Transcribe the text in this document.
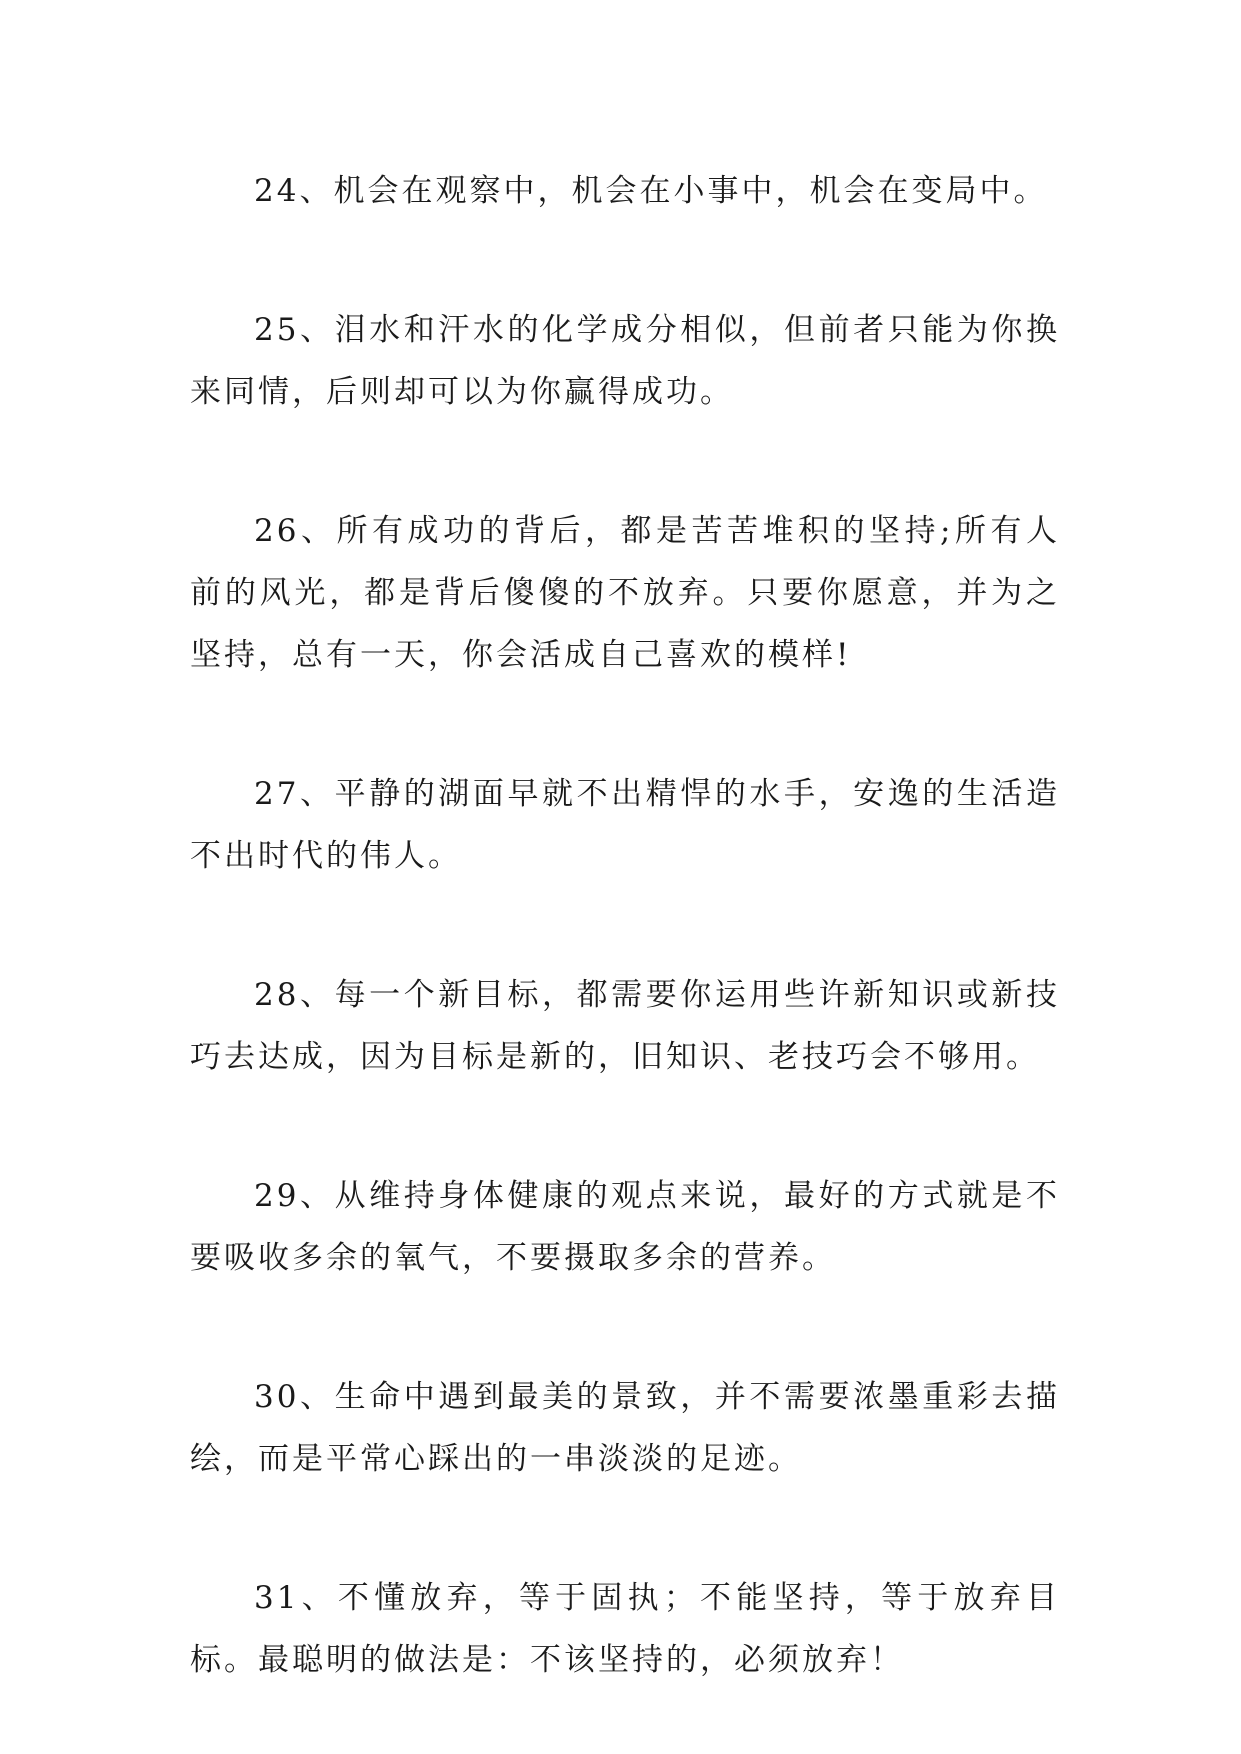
24、机会在观察中，机会在小事中，机会在变局中。

25、泪水和汗水的化学成分相似，但前者只能为你换来同情，后则却可以为你赢得成功。

26、所有成功的背后，都是苦苦堆积的坚持;所有人前的风光，都是背后傻傻的不放弃。只要你愿意，并为之坚持，总有一天，你会活成自己喜欢的模样!

27、平静的湖面早就不出精悍的水手，安逸的生活造不出时代的伟人。

28、每一个新目标，都需要你运用些许新知识或新技巧去达成，因为目标是新的，旧知识、老技巧会不够用。

29、从维持身体健康的观点来说，最好的方式就是不要吸收多余的氧气，不要摄取多余的营养。

30、生命中遇到最美的景致，并不需要浓墨重彩去描绘，而是平常心踩出的一串淡淡的足迹。

31、不懂放弃，等于固执；不能坚持，等于放弃目标。最聪明的做法是：不该坚持的，必须放弃！
